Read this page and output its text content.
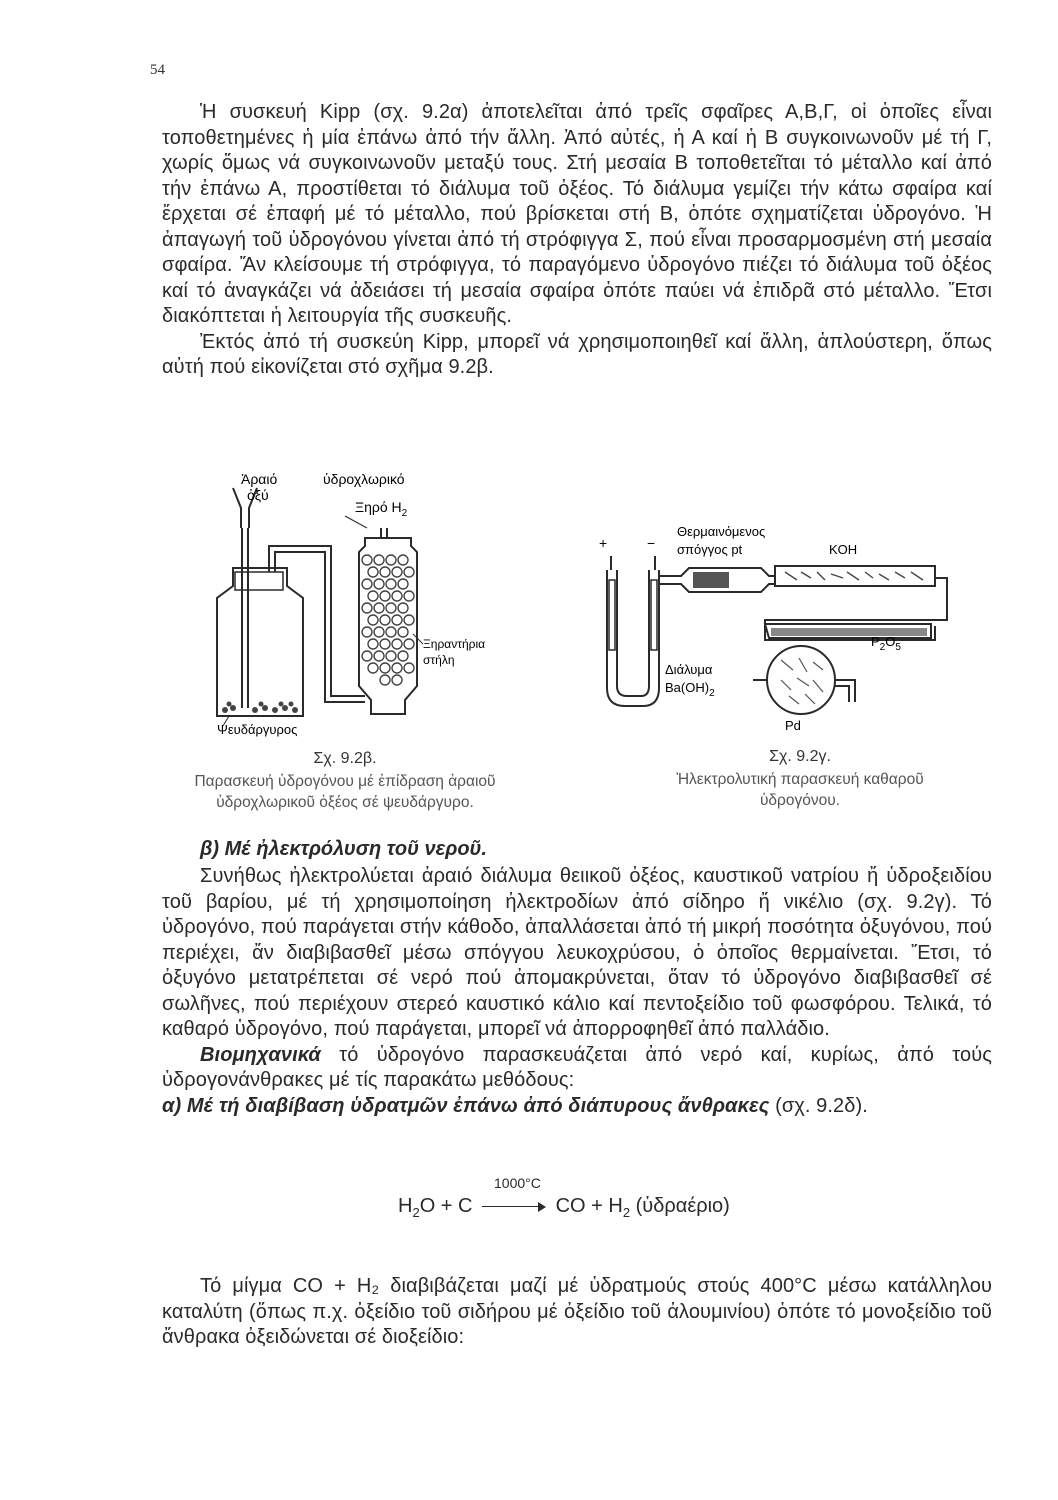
54

Ἡ συσκευή Kipp (σχ. 9.2α) ἀποτελεῖται ἀπό τρεῖς σφαῖρες Α,Β,Γ, οἱ ὁποῖες εἶναι τοποθετημένες ἡ μία ἐπάνω ἀπό τήν ἄλλη. Ἀπό αὐτές, ἡ Α καί ἡ Β συγκοινωνοῦν μέ τή Γ, χωρίς ὅμως νά συγκοινωνοῦν μεταξύ τους. Στή μεσαία Β τοποθετεῖται τό μέταλλο καί ἀπό τήν ἐπάνω Α, προστίθεται τό διάλυμα τοῦ ὀξέος. Τό διάλυμα γεμίζει τήν κάτω σφαίρα καί ἔρχεται σέ ἐπαφή μέ τό μέταλλο, πού βρίσκεται στή Β, ὁπότε σχηματίζεται ὑδρογόνο. Ἡ ἀπαγωγή τοῦ ὑδρογόνου γίνεται ἀπό τή στρόφιγγα Σ, πού εἶναι προσαρμοσμένη στή μεσαία σφαίρα. Ἄν κλείσουμε τή στρόφιγγα, τό παραγόμενο ὑδρογόνο πιέζει τό διάλυμα τοῦ ὀξέος καί τό ἀναγκάζει νά ἀδειάσει τή μεσαία σφαίρα ὁπότε παύει νά ἐπιδρᾶ στό μέταλλο. Ἔτσι διακόπτεται ἡ λειτουργία τῆς συσκευῆς.

Ἐκτός ἀπό τή συσκεύη Kipp, μπορεῖ νά χρησιμοποιηθεῖ καί ἄλλη, ἁπλούστερη, ὅπως αὐτή πού εἰκονίζεται στό σχῆμα 9.2β.

Ἀραιό
ὀξύ
ὑδροχλωρικό
Ξηρό $H_2$
Ξηραντήρια
στήλη
Ψευδάργυρος
Σχ. 9.2β.
Παρασκευή ὑδρογόνου μέ ἐπίδραση ἀραιοῦ
ὑδροχλωρικοῦ ὀξέος σέ ψευδάργυρο.
+	−
Θερμαινόμενος
σπόγγος pt	KOH
$P_2O_5$
Διάλυμα
$Ba(OH)_2$
Pd
Σχ. 9.2γ.
Ἠλεκτρολυτική παρασκευή καθαροῦ
ὑδρογόνου.
β) Μέ ἠλεκτρόλυση τοῦ νεροῦ.

Συνήθως ἠλεκτρολύεται ἀραιό διάλυμα θειικοῦ ὀξέος, καυστικοῦ νατρίου ἤ ὑδροξειδίου τοῦ βαρίου, μέ τή χρησιμοποίηση ἠλεκτροδίων ἀπό σίδηρο ἤ νικέλιο (σχ. 9.2γ). Τό ὑδρογόνο, πού παράγεται στήν κάθοδο, ἀπαλλάσεται ἀπό τή μικρή ποσότητα ὀξυγόνου, πού περιέχει, ἄν διαβιβασθεῖ μέσω σπόγγου λευκοχρύσου, ὁ ὁποῖος θερμαίνεται. Ἔτσι, τό ὀξυγόνο μετατρέπεται σέ νερό πού ἀπομακρύνεται, ὅταν τό ὑδρογόνο διαβιβασθεῖ σέ σωλῆνες, πού περιέχουν στερεό καυστικό κάλιο καί πεντοξείδιο τοῦ φωσφόρου. Τελικά, τό καθαρό ὑδρογόνο, πού παράγεται, μπορεῖ νά ἀπορροφηθεῖ ἀπό παλλάδιο.

Βιομηχανικά τό ὑδρογόνο παρασκευάζεται ἀπό νερό καί, κυρίως, ἀπό τούς ὑδρογονάνθρακες μέ τίς παρακάτω μεθόδους:

α) Μέ τή διαβίβαση ὑδρατμῶν ἐπάνω ἀπό διάπυρους ἄνθρακες (σχ. 9.2δ).

1000°C
$H_2O + C$	CO + $H_2$ (ὑδραέριο)

Τό μίγμα CO + H₂ διαβιβάζεται μαζί μέ ὑδρατμούς στούς 400°C μέσω κατάλληλου καταλύτη (ὅπως π.χ. ὀξείδιο τοῦ σιδήρου μέ ὀξείδιο τοῦ ἀλουμινίου) ὁπότε τό μονοξείδιο τοῦ ἄνθρακα ὀξειδώνεται σέ διοξείδιο:
